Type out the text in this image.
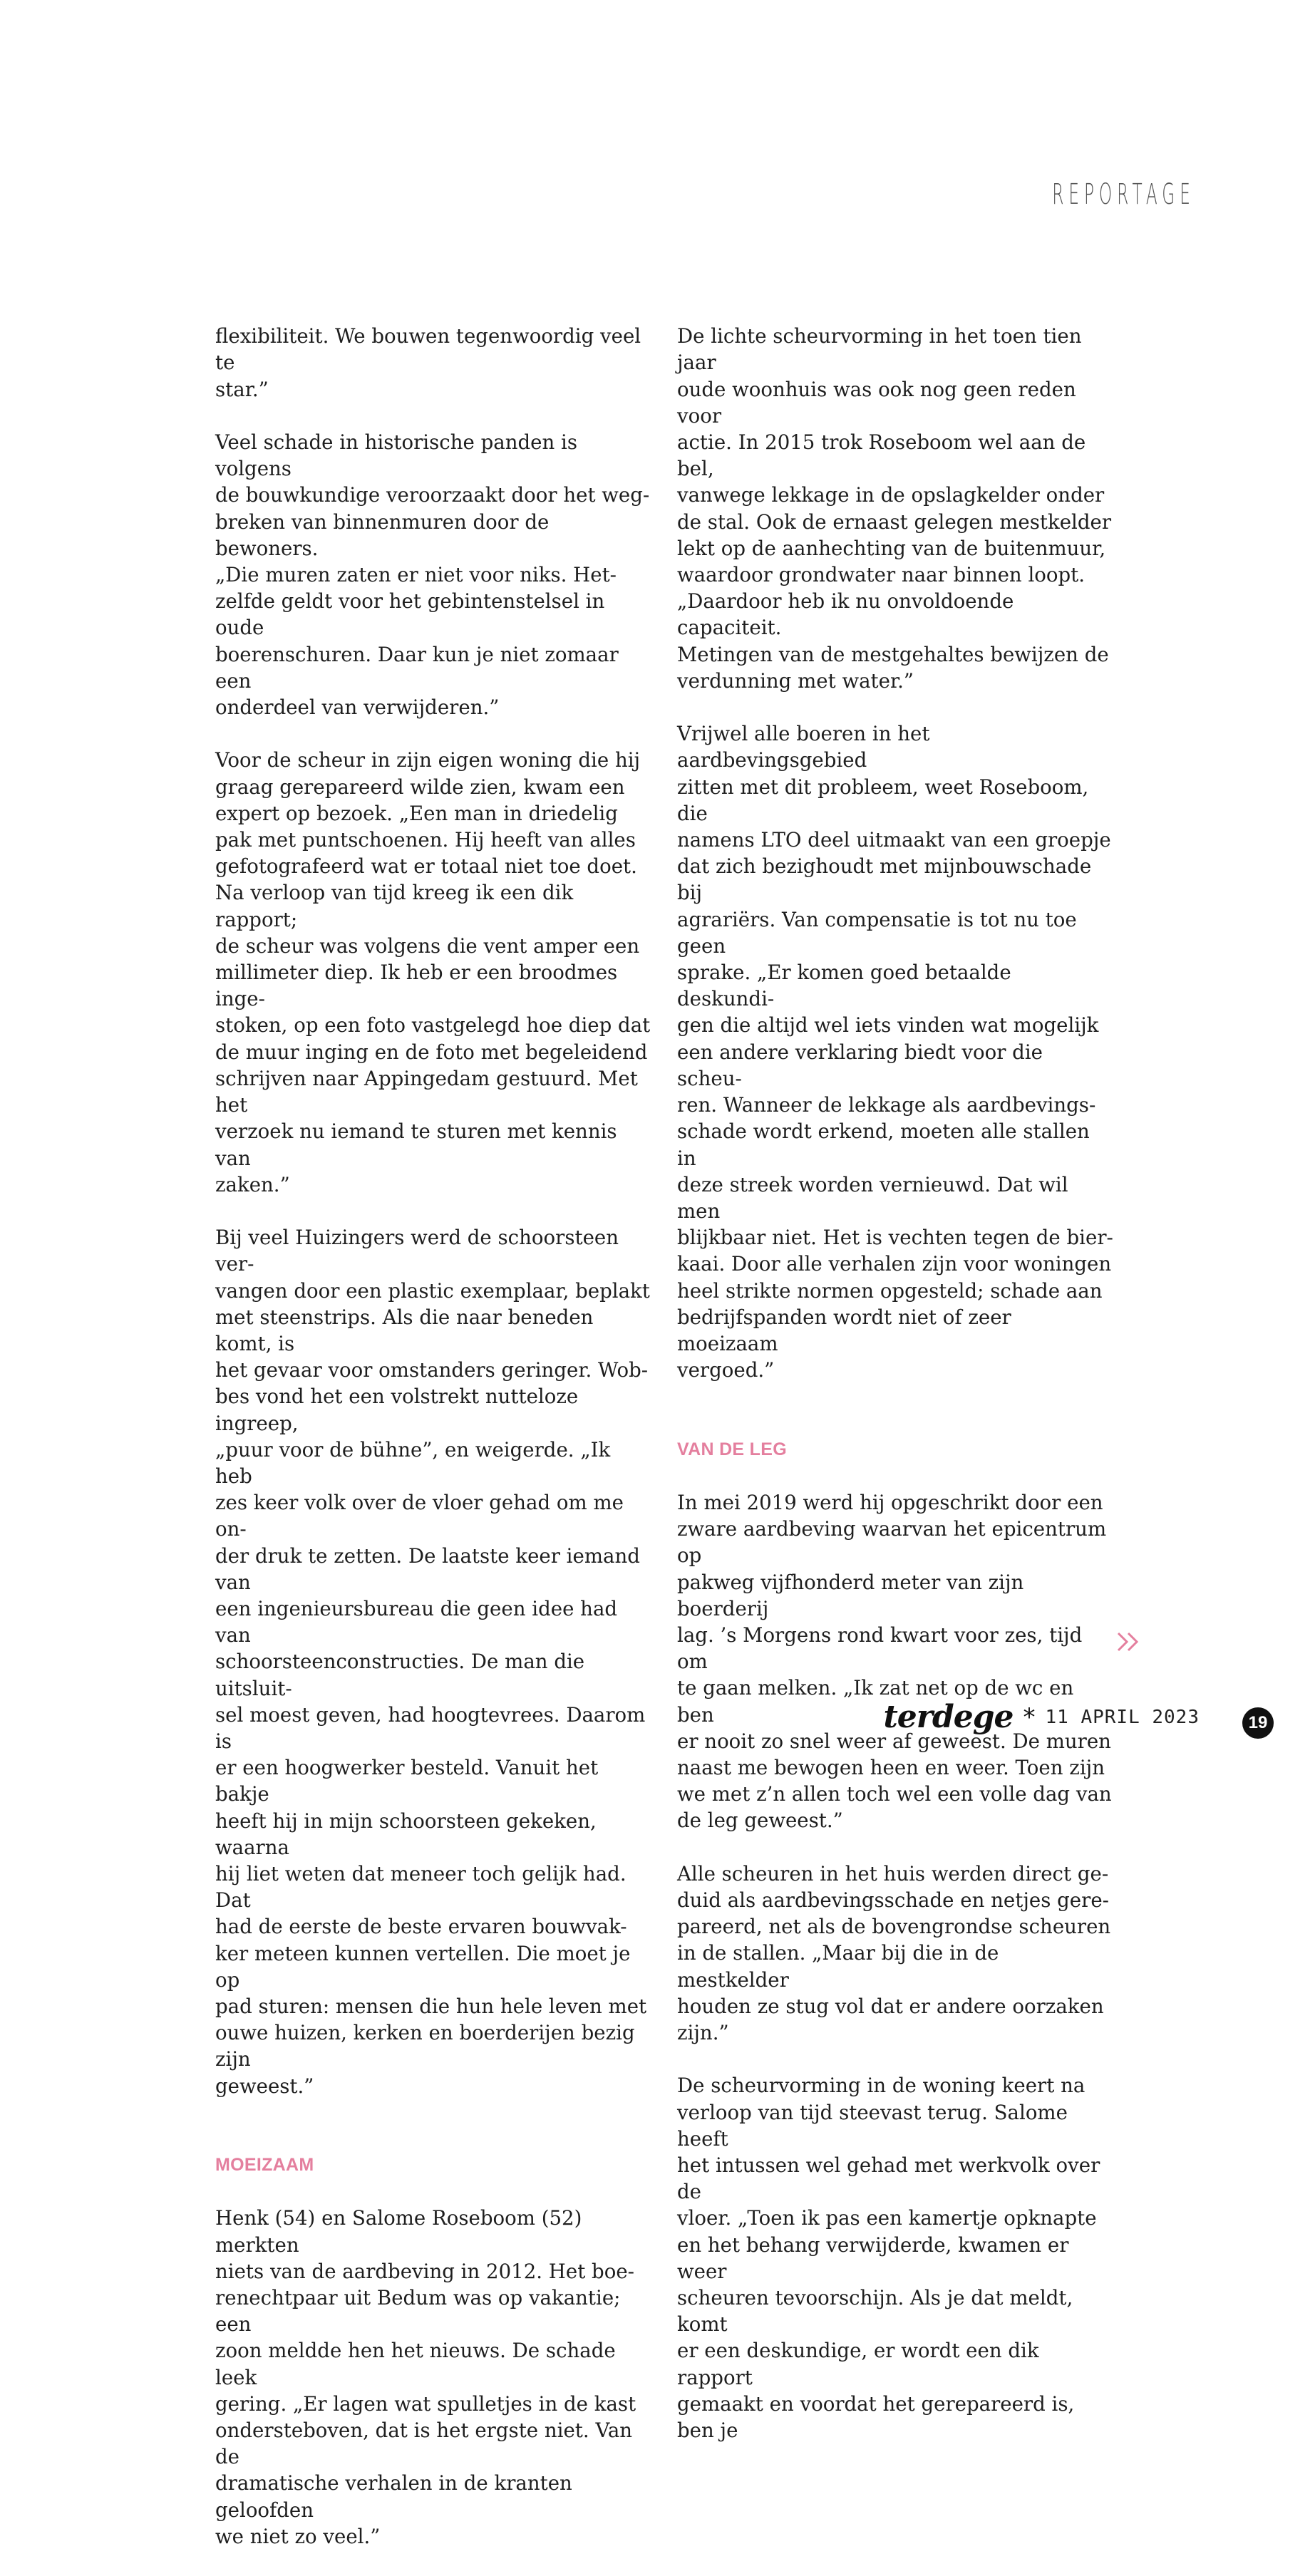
REPORTAGE

flexibiliteit. We bouwen tegenwoordig veel te
star.”

Veel schade in historische panden is volgens
de bouwkundige veroorzaakt door het weg-
breken van binnenmuren door de bewoners.
„Die muren zaten er niet voor niks. Het-
zelfde geldt voor het gebintenstelsel in oude
boerenschuren. Daar kun je niet zomaar een
onderdeel van verwijderen.”

Voor de scheur in zijn eigen woning die hij
graag gerepareerd wilde zien, kwam een
expert op bezoek. „Een man in driedelig
pak met puntschoenen. Hij heeft van alles
gefotografeerd wat er totaal niet toe doet.
Na verloop van tijd kreeg ik een dik rapport;
de scheur was volgens die vent amper een
millimeter diep. Ik heb er een broodmes inge-
stoken, op een foto vastgelegd hoe diep dat
de muur inging en de foto met begeleidend
schrijven naar Appingedam gestuurd. Met het
verzoek nu iemand te sturen met kennis van
zaken.”

Bij veel Huizingers werd de schoorsteen ver-
vangen door een plastic exemplaar, beplakt
met steenstrips. Als die naar beneden komt, is
het gevaar voor omstanders geringer. Wob-
bes vond het een volstrekt nutteloze ingreep,
„puur voor de bühne”, en weigerde. „Ik heb
zes keer volk over de vloer gehad om me on-
der druk te zetten. De laatste keer iemand van
een ingenieursbureau die geen idee had van
schoorsteenconstructies. De man die uitsluit-
sel moest geven, had hoogtevrees. Daarom is
er een hoogwerker besteld. Vanuit het bakje
heeft hij in mijn schoorsteen gekeken, waarna
hij liet weten dat meneer toch gelijk had. Dat
had de eerste de beste ervaren bouwvak-
ker meteen kunnen vertellen. Die moet je op
pad sturen: mensen die hun hele leven met
ouwe huizen, kerken en boerderijen bezig zijn
geweest.”

MOEIZAAM

Henk (54) en Salome Roseboom (52) merkten
niets van de aardbeving in 2012. Het boe-
renechtpaar uit Bedum was op vakantie; een
zoon meldde hen het nieuws. De schade leek
gering. „Er lagen wat spulletjes in de kast
ondersteboven, dat is het ergste niet. Van de
dramatische verhalen in de kranten geloofden
we niet zo veel.”

De lichte scheurvorming in het toen tien jaar
oude woonhuis was ook nog geen reden voor
actie. In 2015 trok Roseboom wel aan de bel,
vanwege lekkage in de opslagkelder onder
de stal. Ook de ernaast gelegen mestkelder
lekt op de aanhechting van de buitenmuur,
waardoor grondwater naar binnen loopt.
„Daardoor heb ik nu onvoldoende capaciteit.
Metingen van de mestgehaltes bewijzen de
verdunning met water.”

Vrijwel alle boeren in het aardbevingsgebied
zitten met dit probleem, weet Roseboom, die
namens LTO deel uitmaakt van een groepje
dat zich bezighoudt met mijnbouwschade bij
agrariërs. Van compensatie is tot nu toe geen
sprake. „Er komen goed betaalde deskundi-
gen die altijd wel iets vinden wat mogelijk
een andere verklaring biedt voor die scheu-
ren. Wanneer de lekkage als aardbevings-
schade wordt erkend, moeten alle stallen in
deze streek worden vernieuwd. Dat wil men
blijkbaar niet. Het is vechten tegen de bier-
kaai. Door alle verhalen zijn voor woningen
heel strikte normen opgesteld; schade aan
bedrijfspanden wordt niet of zeer moeizaam
vergoed.”

VAN DE LEG

In mei 2019 werd hij opgeschrikt door een
zware aardbeving waarvan het epicentrum op
pakweg vijfhonderd meter van zijn boerderij
lag. ’s Morgens rond kwart voor zes, tijd om
te gaan melken. „Ik zat net op de wc en ben
er nooit zo snel weer af geweest. De muren
naast me bewogen heen en weer. Toen zijn
we met z’n allen toch wel een volle dag van
de leg geweest.”

Alle scheuren in het huis werden direct ge-
duid als aardbevingsschade en netjes gere-
pareerd, net als de bovengrondse scheuren
in de stallen. „Maar bij die in de mestkelder
houden ze stug vol dat er andere oorzaken
zijn.”

De scheurvorming in de woning keert na
verloop van tijd steevast terug. Salome heeft
het intussen wel gehad met werkvolk over de
vloer. „Toen ik pas een kamertje opknapte
en het behang verwijderde, kwamen er weer
scheuren tevoorschijn. Als je dat meldt, komt
er een deskundige, er wordt een dik rapport
gemaakt en voordat het gerepareerd is, ben je

terdege * 11 APRIL 2023	19
